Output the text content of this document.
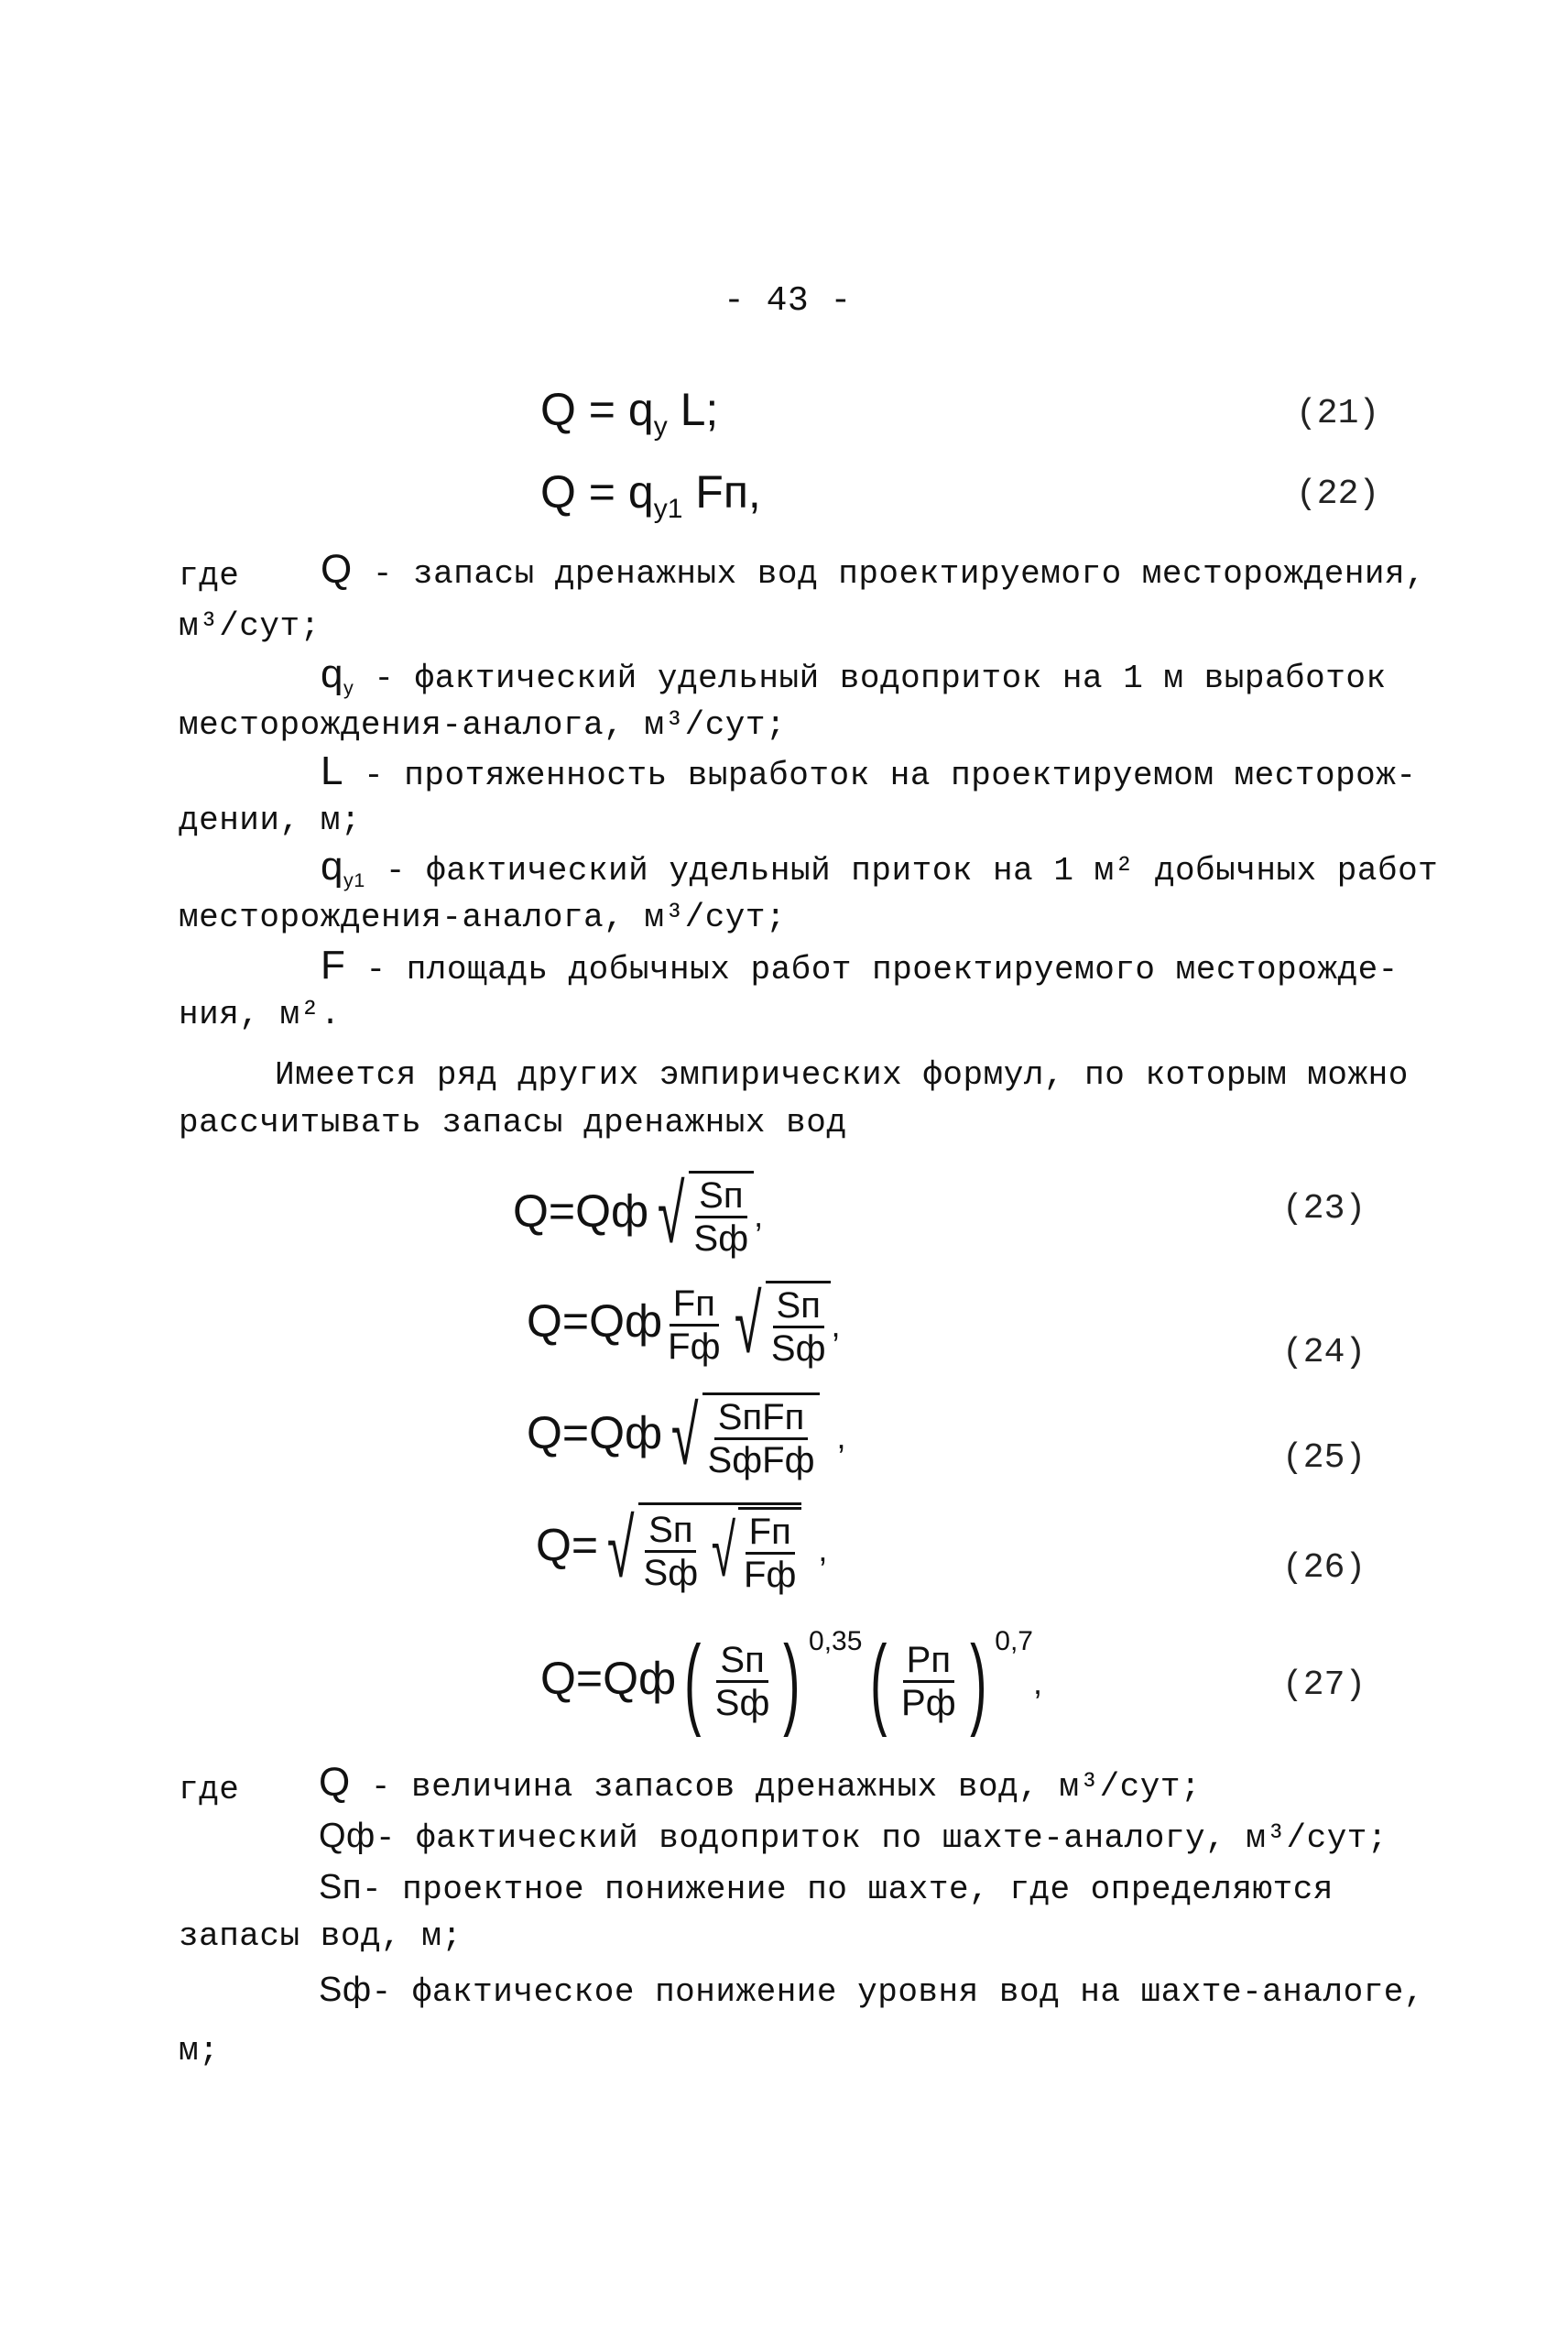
- 43 -
$Q = q_y$ L;	(21)
$Q = q_{y1}$ Fп,	(22)
где Q - запасы дренажных вод проектируемого месторождения,
м³/сут;
$q_y$ - фактический удельный водоприток на 1 м выработок
месторождения-аналога, м³/сут;
L - протяженность выработок на проектируемом месторож-
дении, м;
$q_{y1}$ - фактический удельный приток на 1 м² добычных работ
месторождения-аналога, м³/сут;
F - площадь добычных работ проектируемого месторожде-
ния, м².
Имеется ряд других эмпирических формул, по которым можно
рассчитывать запасы дренажных вод
Q=Qф √ $\frac{Sп}{Sф}$ ,	(23)
$Q=Qф \frac{Fп}{Fф}$ √ $\frac{Sп}{Sф}$ ,
(24)
Q=Qф √ $\frac{\text{SпFп}}{\text{SфFф}}$ ,
(25)
Q= √ $\frac{Sп}{Sф}$ √ $\frac{Fп}{Fф}$ ,	(26)
$Q=Qф( \frac{Sп}{Sф}$ ) $^{0,35}( \frac{Pп}{Pф}$ ) $^{0,7}$,	(27)
где Q - величина запасов дренажных вод, м³/сут;
Qф- фактический водоприток по шахте-аналогу, м³/сут;
Sп- проектное понижение по шахте, где определяются
запасы вод, м;
Sф- фактическое понижение уровня вод на шахте-аналоге,
м;
